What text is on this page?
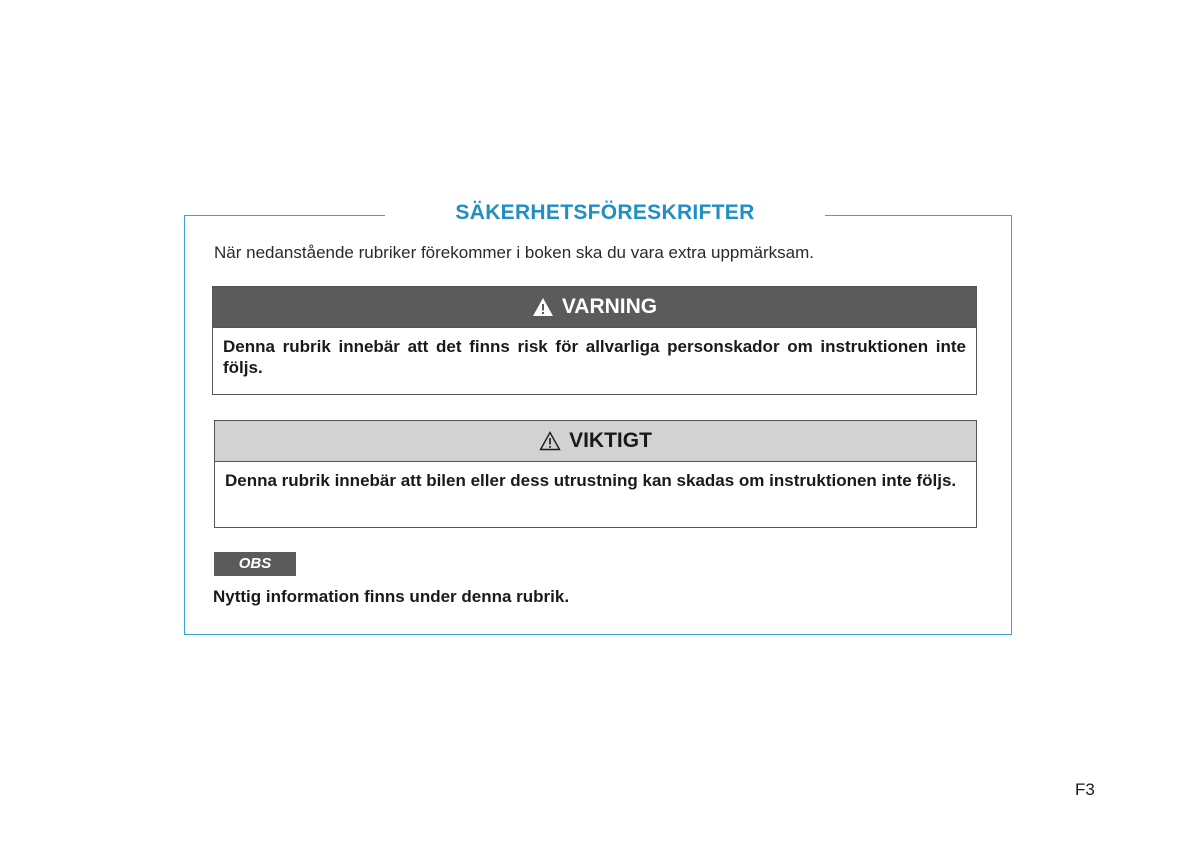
SÄKERHETSFÖRESKRIFTER
När nedanstående rubriker förekommer i boken ska du vara extra uppmärksam.
VARNING
Denna rubrik innebär att det finns risk för allvarliga personskador om instruktionen inte följs.
VIKTIGT
Denna rubrik innebär att bilen eller dess utrustning kan skadas om instruktionen inte följs.
OBS
Nyttig information finns under denna rubrik.
F3
